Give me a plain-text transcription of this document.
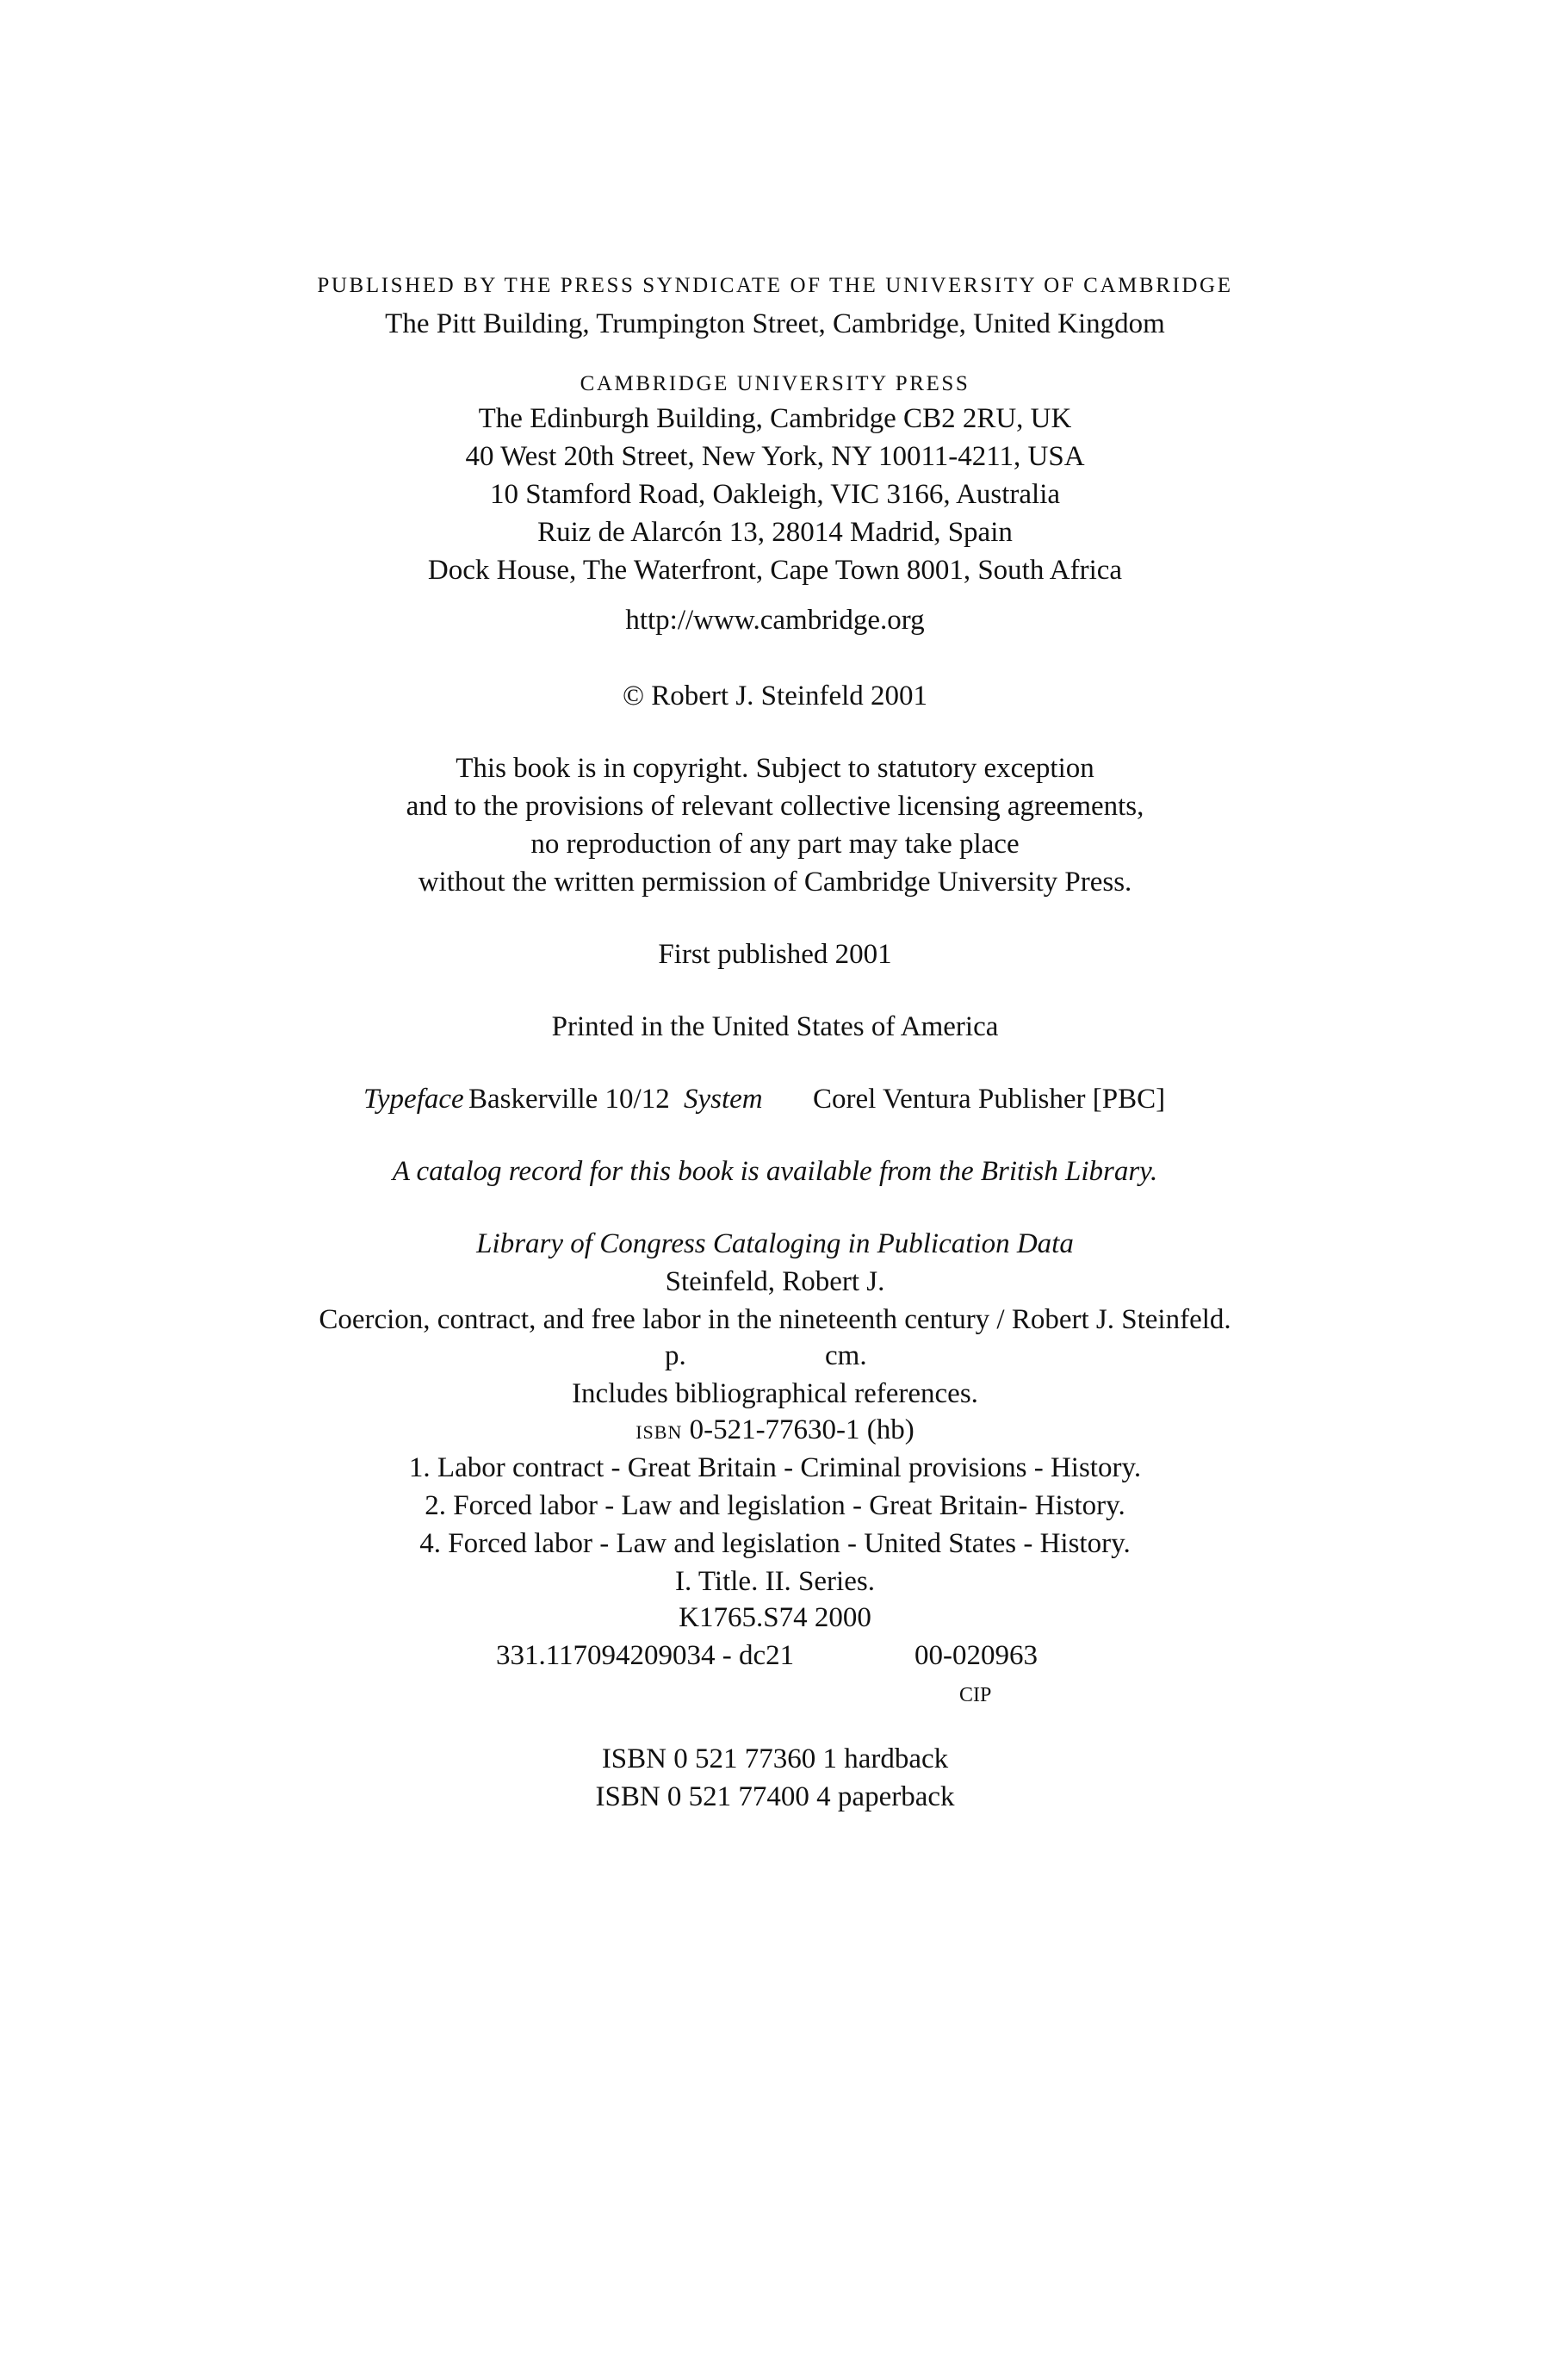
PUBLISHED BY THE PRESS SYNDICATE OF THE UNIVERSITY OF CAMBRIDGE
The Pitt Building, Trumpington Street, Cambridge, United Kingdom
CAMBRIDGE UNIVERSITY PRESS
The Edinburgh Building, Cambridge CB2 2RU, UK
40 West 20th Street, New York, NY 10011-4211, USA
10 Stamford Road, Oakleigh, VIC 3166, Australia
Ruiz de Alarcón 13, 28014 Madrid, Spain
Dock House, The Waterfront, Cape Town 8001, South Africa
http://www.cambridge.org
© Robert J. Steinfeld 2001
This book is in copyright. Subject to statutory exception
and to the provisions of relevant collective licensing agreements,
no reproduction of any part may take place
without the written permission of Cambridge University Press.
First published 2001
Printed in the United States of America
Typeface Baskerville 10/12 System Corel Ventura Publisher [PBC]
A catalog record for this book is available from the British Library.
Library of Congress Cataloging in Publication Data
Steinfeld, Robert J.
Coercion, contract, and free labor in the nineteenth century / Robert J. Steinfeld.
p.	cm.
Includes bibliographical references.
ISBN 0-521-77630-1 (hb)
1. Labor contract - Great Britain - Criminal provisions - History.
2. Forced labor - Law and legislation - Great Britain- History.
4. Forced labor - Law and legislation - United States - History.
I. Title. II. Series.
K1765.S74 2000
331.117094209034 - dc21	00-020963
CIP
ISBN 0 521 77360 1 hardback
ISBN 0 521 77400 4 paperback
